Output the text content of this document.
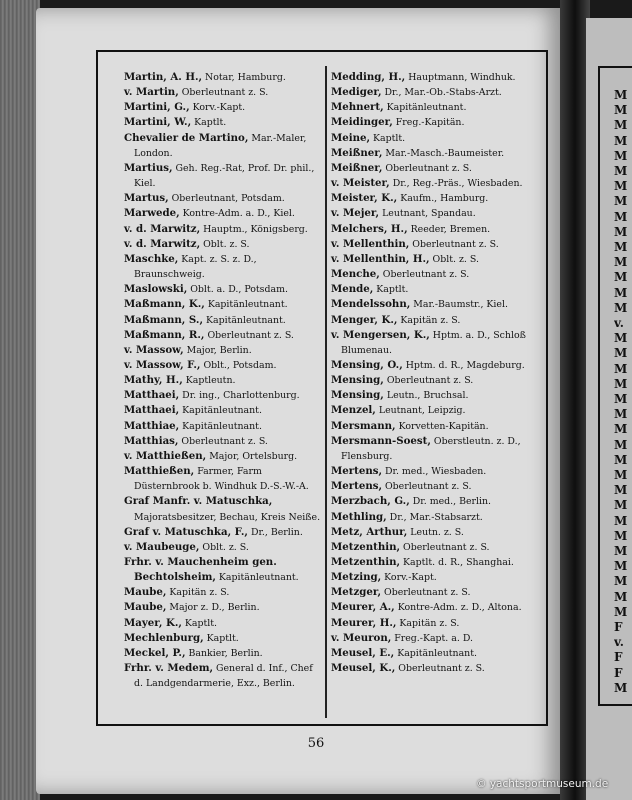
M
M
M
M
M
M
M
M
M
M
M
M
M
M
M
v.
M
M
M
M
M
M
M
M
M
M
M
M
M
M
M
M
M
M
M
F
v.
F
F
M
Martin, A. H., Notar, Hamburg.
v. Martin, Oberleutnant z. S.
Martini, G., Korv.-Kapt.
Martini, W., Kaptlt.
Chevalier de Martino, Mar.-Maler, London.
Martius, Geh. Reg.-Rat, Prof. Dr. phil., Kiel.
Martus, Oberleutnant, Potsdam.
Marwede, Kontre-Adm. a. D., Kiel.
v. d. Marwitz, Hauptm., Königsberg.
v. d. Marwitz, Oblt. z. S.
Maschke, Kapt. z. S. z. D., Braunschweig.
Maslowski, Oblt. a. D., Potsdam.
Maßmann, K., Kapitänleutnant.
Maßmann, S., Kapitänleutnant.
Maßmann, R., Oberleutnant z. S.
v. Massow, Major, Berlin.
v. Massow, F., Oblt., Potsdam.
Mathy, H., Kaptleutn.
Matthaei, Dr. ing., Charlottenburg.
Matthaei, Kapitänleutnant.
Matthiae, Kapitänleutnant.
Matthias, Oberleutnant z. S.
v. Matthießen, Major, Ortelsburg.
Matthießen, Farmer, Farm Düsternbrook b. Windhuk D.-S.-W.-A.
Graf Manfr. v. Matuschka, Majoratsbesitzer, Bechau, Kreis Neiße.
Graf v. Matuschka, F., Dr., Berlin.
v. Maubeuge, Oblt. z. S.
Frhr. v. Mauchenheim gen. Bechtolsheim, Kapitänleutnant.
Maube, Kapitän z. S.
Maube, Major z. D., Berlin.
Mayer, K., Kaptlt.
Mechlenburg, Kaptlt.
Meckel, P., Bankier, Berlin.
Frhr. v. Medem, General d. Inf., Chef d. Landgendarmerie, Exz., Berlin.
Medding, H., Hauptmann, Windhuk.
Mediger, Dr., Mar.-Ob.-Stabs-Arzt.
Mehnert, Kapitänleutnant.
Meidinger, Freg.-Kapitän.
Meine, Kaptlt.
Meißner, Mar.-Masch.-Baumeister.
Meißner, Oberleutnant z. S.
v. Meister, Dr., Reg.-Präs., Wiesbaden.
Meister, K., Kaufm., Hamburg.
v. Mejer, Leutnant, Spandau.
Melchers, H., Reeder, Bremen.
v. Mellenthin, Oberleutnant z. S.
v. Mellenthin, H., Oblt. z. S.
Menche, Oberleutnant z. S.
Mende, Kaptlt.
Mendelssohn, Mar.-Baumstr., Kiel.
Menger, K., Kapitän z. S.
v. Mengersen, K., Hptm. a. D., Schloß Blumenau.
Mensing, O., Hptm. d. R., Magdeburg.
Mensing, Oberleutnant z. S.
Mensing, Leutn., Bruchsal.
Menzel, Leutnant, Leipzig.
Mersmann, Korvetten-Kapitän.
Mersmann-Soest, Oberstleutn. z. D., Flensburg.
Mertens, Dr. med., Wiesbaden.
Mertens, Oberleutnant z. S.
Merzbach, G., Dr. med., Berlin.
Methling, Dr., Mar.-Stabsarzt.
Metz, Arthur, Leutn. z. S.
Metzenthin, Oberleutnant z. S.
Metzenthin, Kaptlt. d. R., Shanghai.
Metzing, Korv.-Kapt.
Metzger, Oberleutnant z. S.
Meurer, A., Kontre-Adm. z. D., Altona.
Meurer, H., Kapitän z. S.
v. Meuron, Freg.-Kapt. a. D.
Meusel, E., Kapitänleutnant.
Meusel, K., Oberleutnant z. S.
56
© yachtsportmuseum.de
